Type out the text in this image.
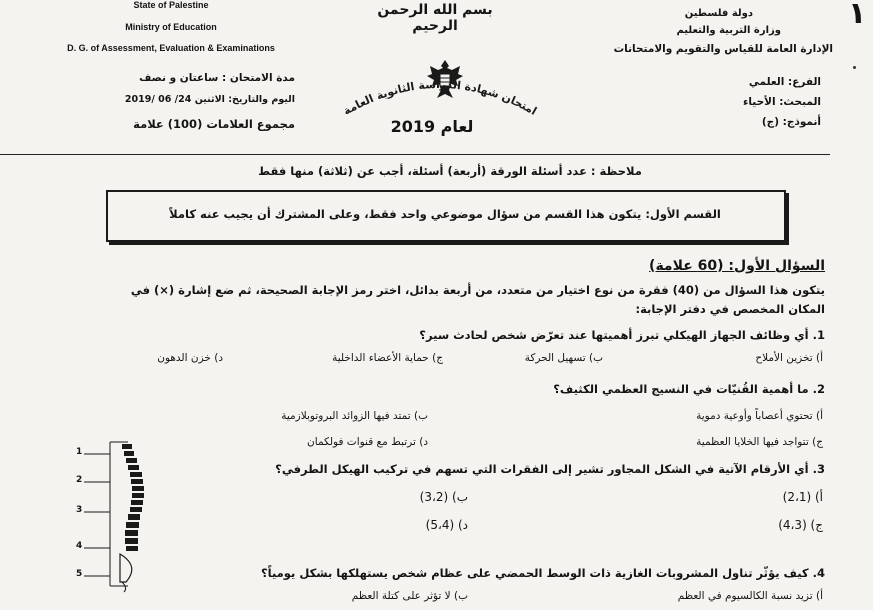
١
State of Palestine
Ministry of Education
D. G. of Assessment, Evaluation & Examinations
دولة فلسطين
وزارة التربية والتعليم
الإدارة العامة للقياس والتقويم والامتحانات
بسم الله الرحمن الرحيم
امتحان شهادة الدراسة الثانوية العامة
لعام 2019
الفرع: العلمي
المبحث: الأحياء
أنموذج: (ج)
مدة الامتحان : ساعتان و نصف
اليوم والتاريخ: الاثنين 24/ 06 /2019
مجموع العلامات (100) علامة
ملاحظة : عدد أسئلة الورقة (أربعة) أسئلة، أجب عن (ثلاثة) منها فقط
القسم الأول: يتكون هذا القسم من سؤال موضوعي واحد فقط، وعلى المشترك أن يجيب عنه كاملاً
السؤال الأول: (60 علامة)
يتكون هذا السؤال من (40) فقرة من نوع اختيار من متعدد، من أربعة بدائل، اختر رمز الإجابة الصحيحة، ثم ضع إشارة (×) في
المكان المخصص في دفتر الإجابة:
1. أي وظائف الجهاز الهيكلي تبرز أهميتها عند تعرّض شخص لحادث سير؟
أ) تخزين الأملاح
ب) تسهيل الحركة
ج) حماية الأعضاء الداخلية
د) خزن الدهون
2. ما أهمية القُنيّات في النسيج العظمي الكثيف؟
أ) تحتوي أعصاباً وأوعية دموية
ب) تمتد فيها الزوائد البروتوبلازمية
ج) تتواجد فيها الخلايا العظمية
د) ترتبط مع قنوات فولكمان
3. أي الأرقام الآتية في الشكل المجاور تشير إلى الفقرات التي تسهم في تركيب الهيكل الطرفي؟
أ) (2،1)
ب) (3،2)
ج) (4،3)
د) (5،4)
4. كيف يؤثّر تناول المشروبات الغازية ذات الوسط الحمضي على عظام شخص يستهلكها بشكل يومياً؟
أ) تزيد نسبة الكالسيوم في العظم
ب) لا تؤثر على كتلة العظم
1
2
3
4
5
